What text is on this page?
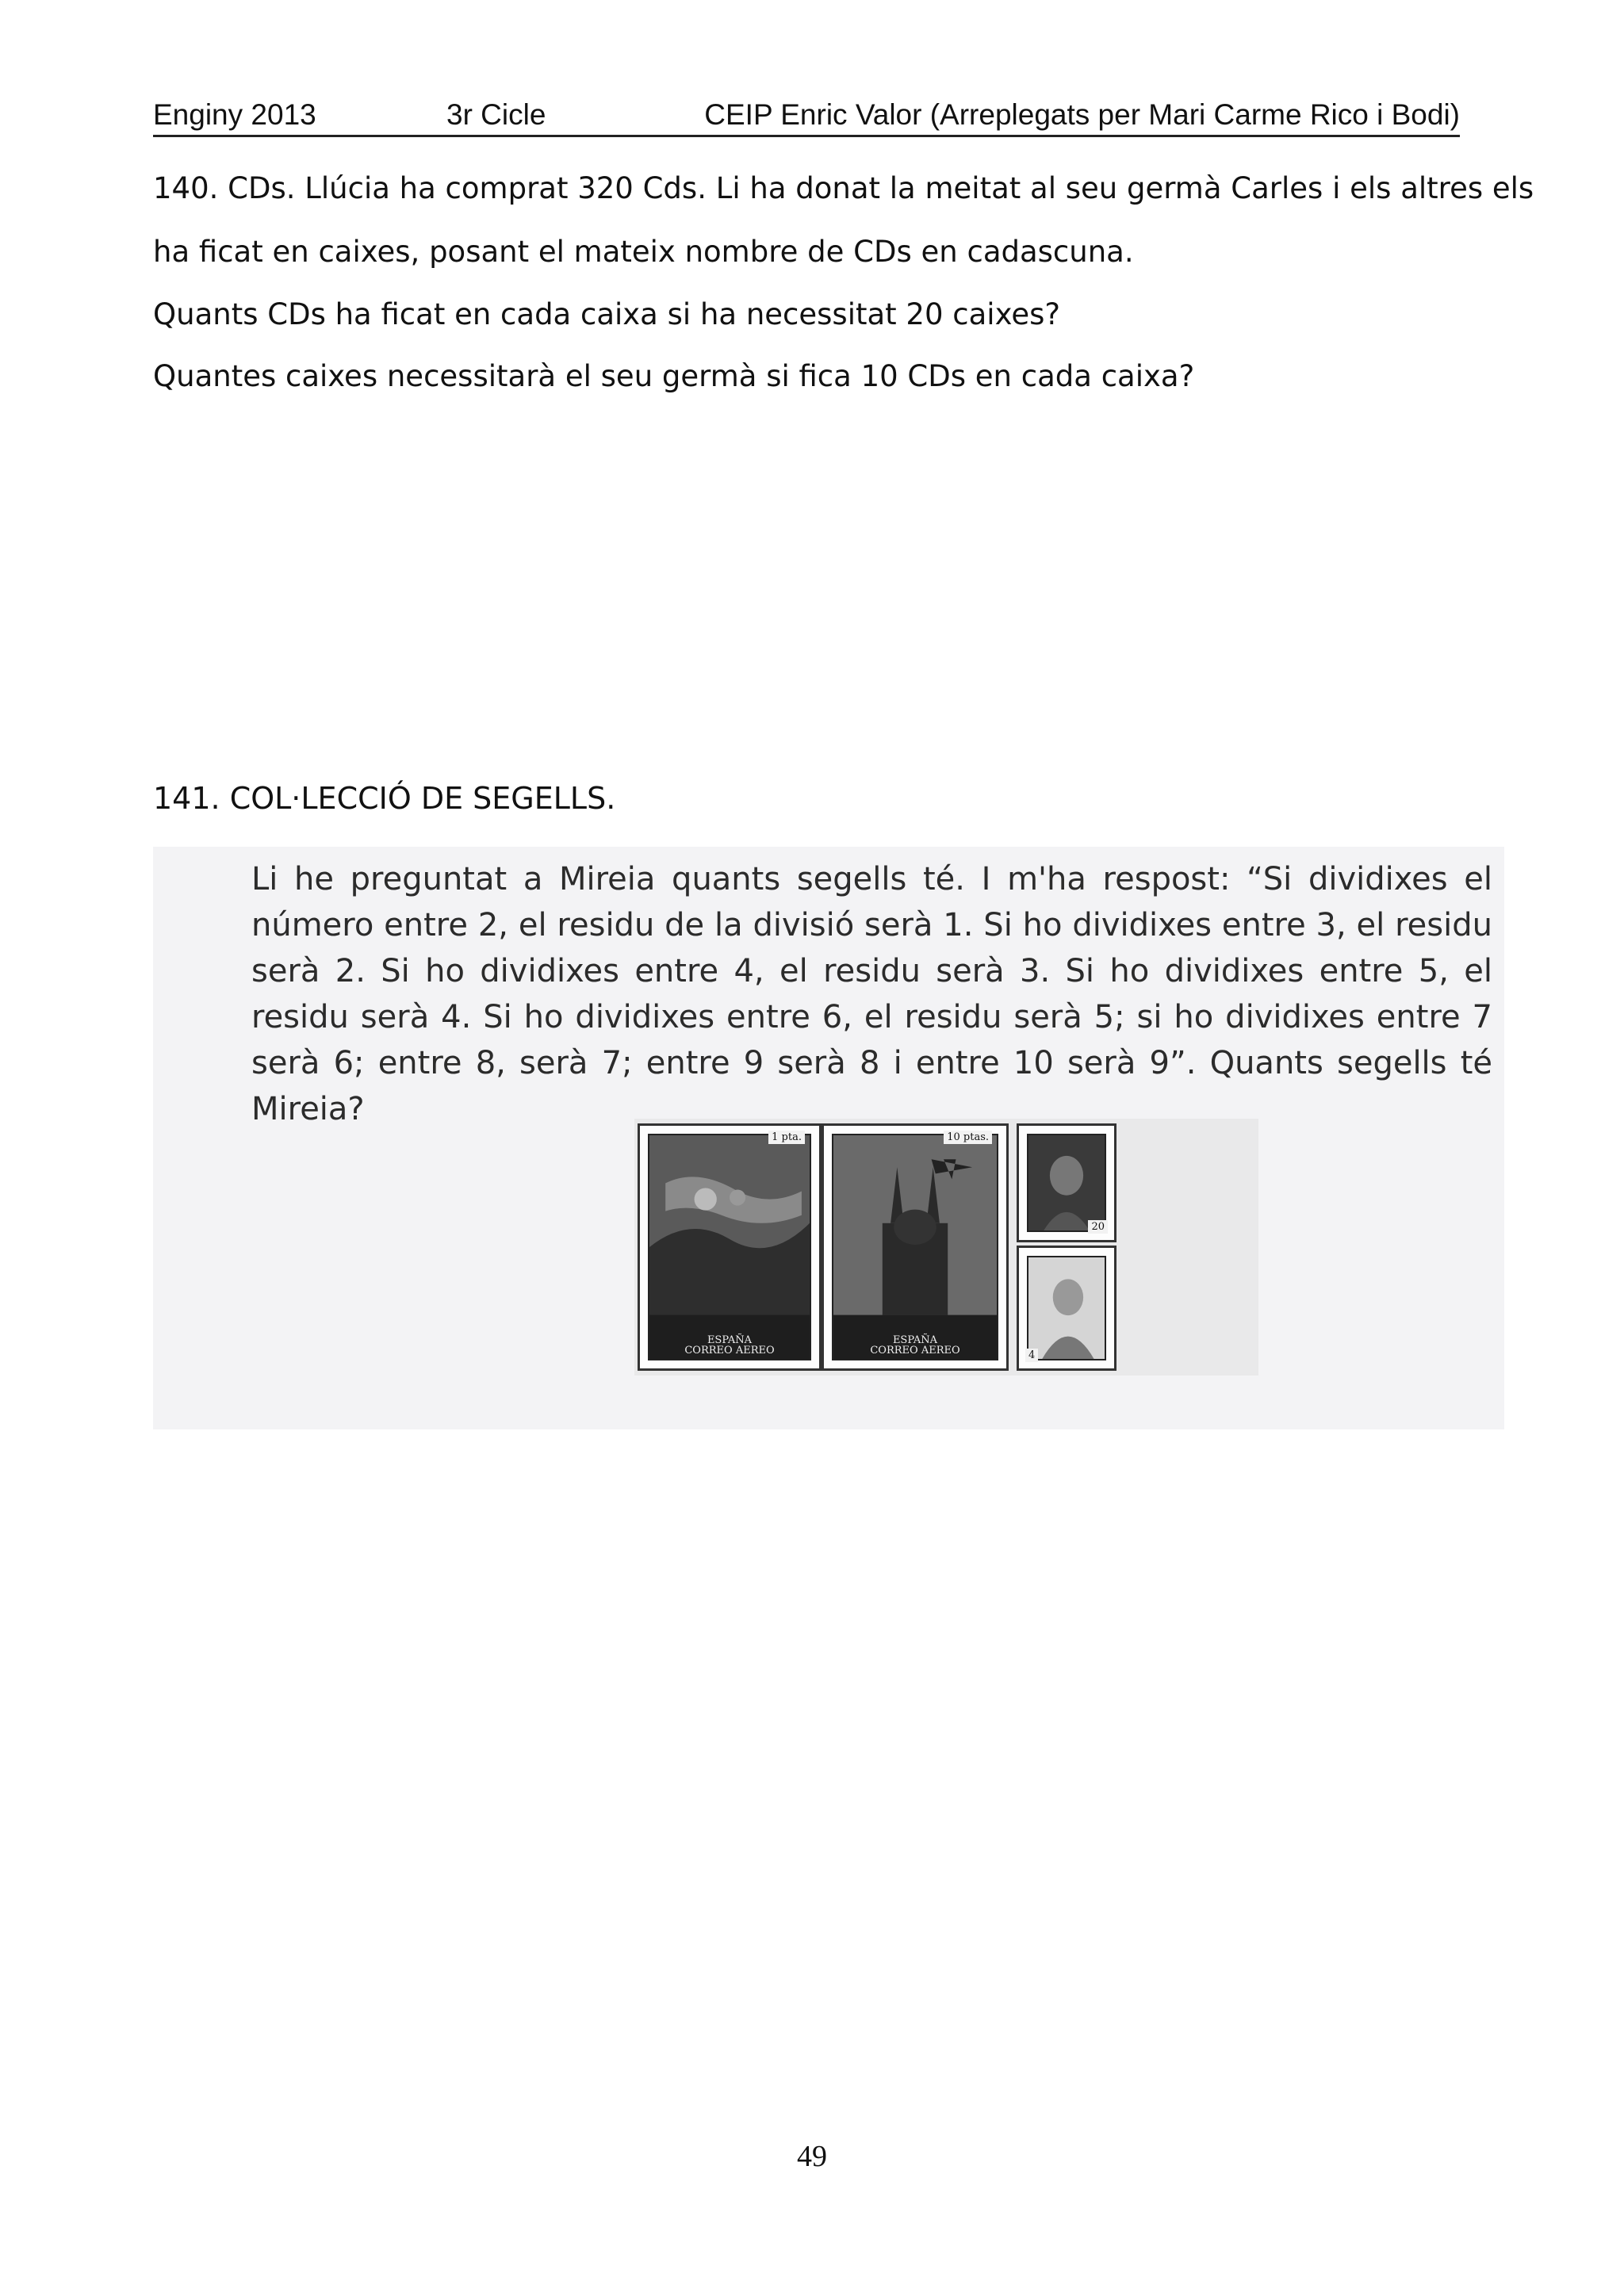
Enginy 2013	3r Cicle	CEIP Enric Valor (Arreplegats per Mari Carme Rico i Bodi)
140. CDs. Llúcia ha comprat 320 Cds. Li ha donat la meitat al seu germà Carles i els altres els
ha ficat en caixes, posant el mateix nombre de CDs en cadascuna.
Quants CDs ha ficat en cada caixa si ha necessitat 20 caixes?
Quantes caixes necessitarà el seu germà si fica 10 CDs en cada caixa?
141. COL·LECCIÓ DE SEGELLS.
Li he preguntat a Mireia quants segells té. I m'ha respost: “Si dividixes el número entre 2, el residu de la divisió serà 1. Si ho dividixes entre 3, el residu serà 2. Si ho dividixes entre 4, el residu serà 3. Si ho dividixes entre 5, el residu serà 4. Si ho dividixes entre 6, el residu serà 5; si ho dividixes entre 7 serà 6; entre 8, serà 7; entre 9 serà 8 i entre 10 serà 9”. Quants segells té Mireia?
ESPAÑA
CORREO AEREO
1 pta.
ESPAÑA
CORREO AEREO
10 ptas.
20
4
49
